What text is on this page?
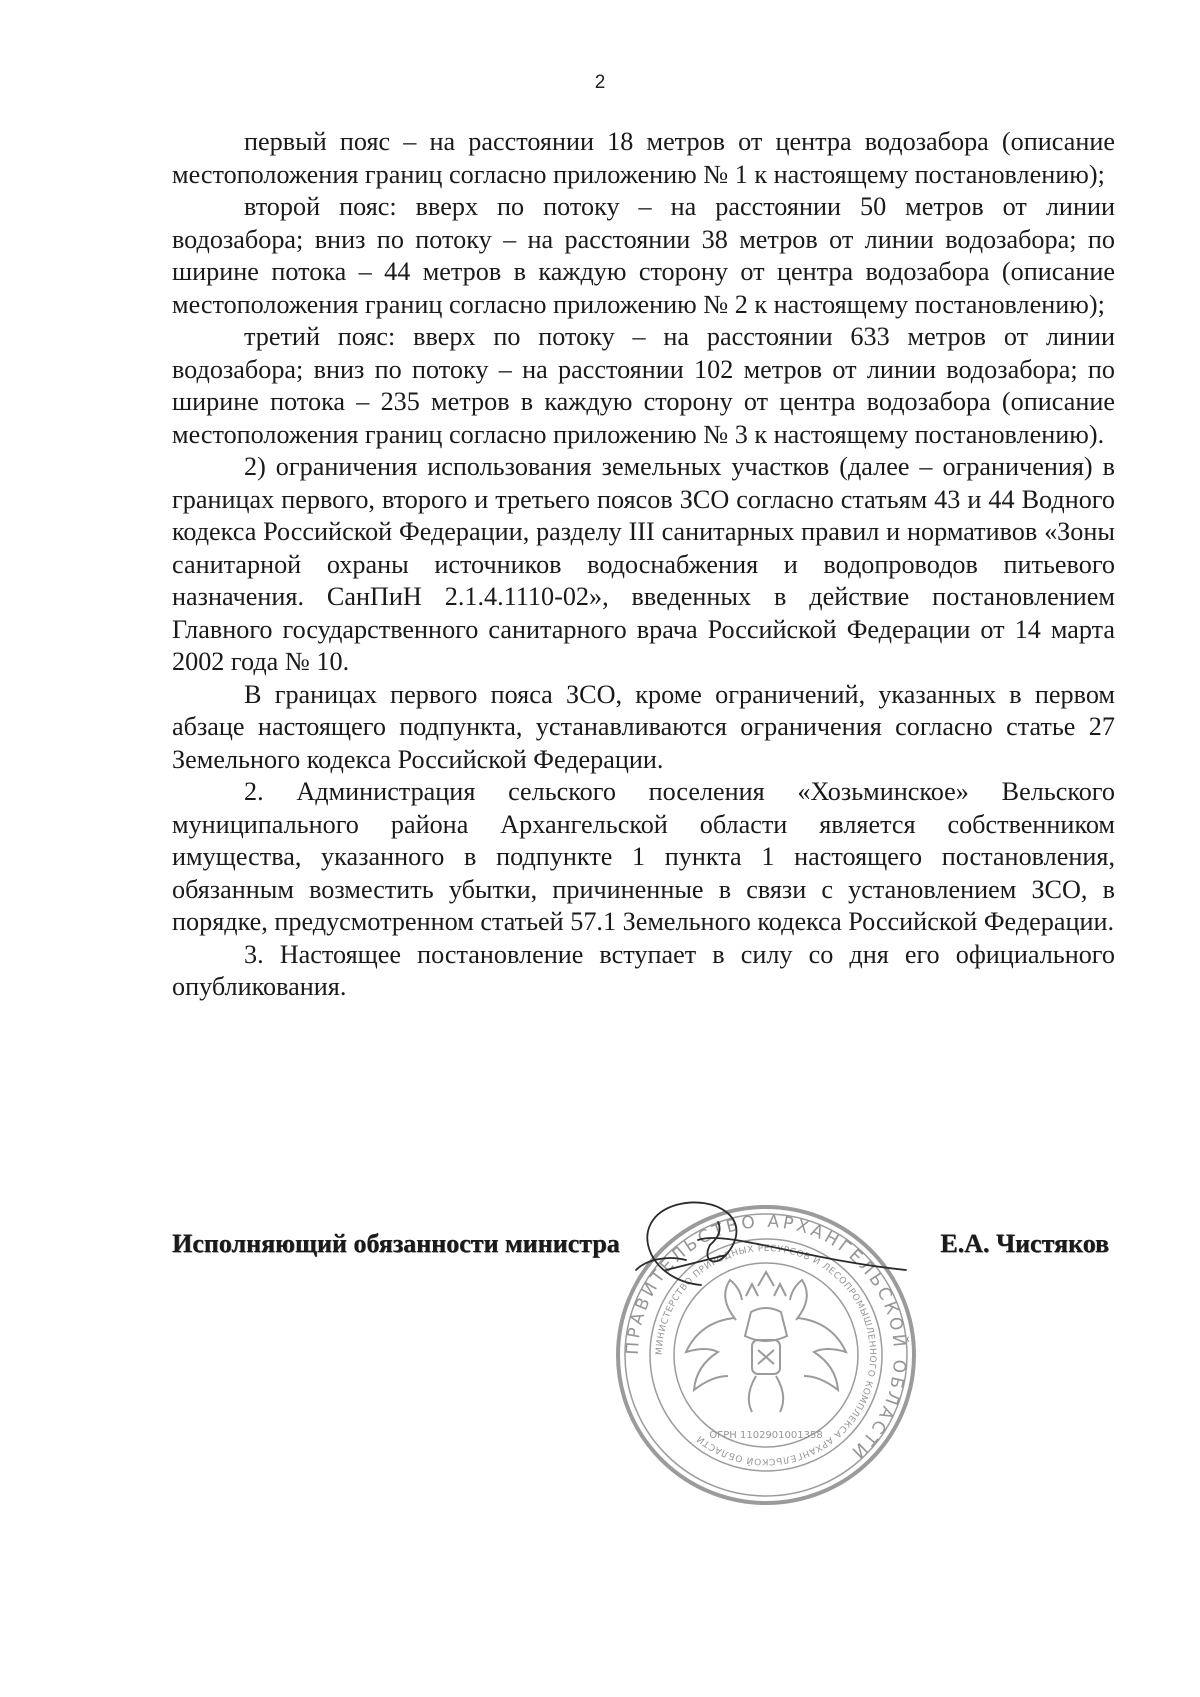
2

первый пояс – на расстоянии 18 метров от центра водозабора (описание местоположения границ согласно приложению № 1 к настоящему постановлению);

второй пояс: вверх по потоку – на расстоянии 50 метров от линии водозабора; вниз по потоку – на расстоянии 38 метров от линии водозабора; по ширине потока – 44 метров в каждую сторону от центра водозабора (описание местоположения границ согласно приложению № 2 к настоящему постановлению);

третий пояс: вверх по потоку – на расстоянии 633 метров от линии водозабора; вниз по потоку – на расстоянии 102 метров от линии водозабора; по ширине потока – 235 метров в каждую сторону от центра водозабора (описание местоположения границ согласно приложению № 3 к настоящему постановлению).

2) ограничения использования земельных участков (далее – ограничения) в границах первого, второго и третьего поясов ЗСО согласно статьям 43 и 44 Водного кодекса Российской Федерации, разделу III санитарных правил и нормативов «Зоны санитарной охраны источников водоснабжения и водопроводов питьевого назначения. СанПиН 2.1.4.1110-02», введенных в действие постановлением Главного государственного санитарного врача Российской Федерации от 14 марта 2002 года № 10.

В границах первого пояса ЗСО, кроме ограничений, указанных в первом абзаце настоящего подпункта, устанавливаются ограничения согласно статье 27 Земельного кодекса Российской Федерации.

2. Администрация сельского поселения «Хозьминское» Вельского муниципального района Архангельской области является собственником имущества, указанного в подпункте 1 пункта 1 настоящего постановления, обязанным возместить убытки, причиненные в связи с установлением ЗСО, в порядке, предусмотренном статьей 57.1 Земельного кодекса Российской Федерации.

3. Настоящее постановление вступает в силу со дня его официального опубликования.

Исполняющий обязанности министра	Е.А. Чистяков
ПРАВИТЕЛЬСТВО АРХАНГЕЛЬСКОЙ ОБЛАСТИ
МИНИСТЕРСТВО ПРИРОДНЫХ РЕСУРСОВ И ЛЕСОПРОМЫШЛЕННОГО КОМПЛЕКСА АРХАНГЕЛЬСКОЙ ОБЛАСТИ ОГРН 1102901001358
